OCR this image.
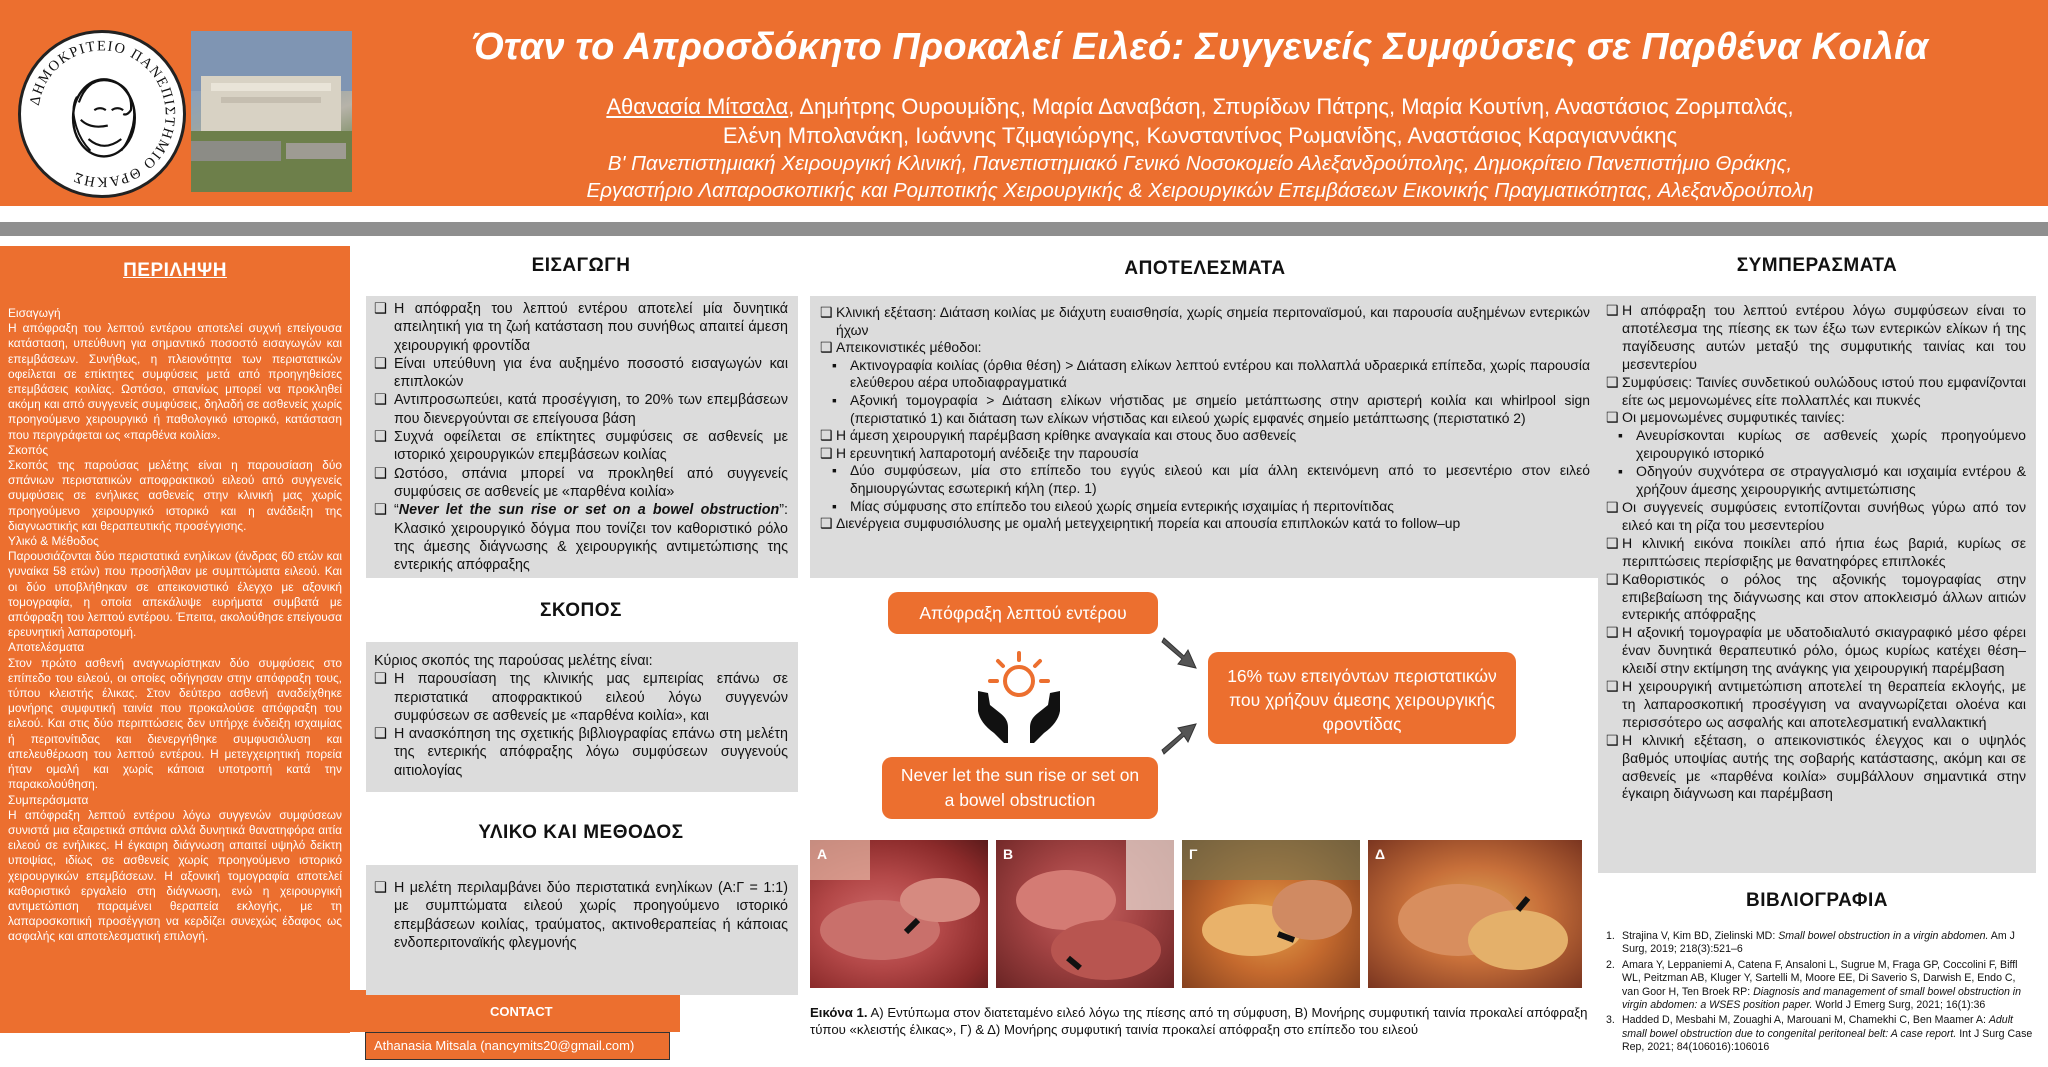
ΔΗΜΟΚΡΙΤΕΙΟ ΠΑΝΕΠΙΣΤΗΜΙΟ ΘΡΑΚΗΣ
Όταν το Απροσδόκητο Προκαλεί Ειλεό: Συγγενείς Συμφύσεις σε Παρθένα Κοιλία
Αθανασία Μίτσαλα, Δημήτρης Ουρουμίδης, Μαρία Δαναβάση, Σπυρίδων Πάτρης, Μαρία Κουτίνη, Αναστάσιος Ζορμπαλάς,
Ελένη Μπολανάκη, Ιωάννης Τζιμαγιώργης, Κωνσταντίνος Ρωμανίδης, Αναστάσιος Καραγιαννάκης
Β' Πανεπιστημιακή Χειρουργική Κλινική, Πανεπιστημιακό Γενικό Νοσοκομείο Αλεξανδρούπολης, Δημοκρίτειο Πανεπιστήμιο Θράκης,
Εργαστήριο Λαπαροσκοπικής και Ρομποτικής Χειρουργικής & Χειρουργικών Επεμβάσεων Εικονικής Πραγματικότητας, Αλεξανδρούπολη
ΠΕΡΙΛΗΨΗ
Εισαγωγή
Η απόφραξη του λεπτού εντέρου αποτελεί συχνή επείγουσα κατάσταση, υπεύθυνη για σημαντικό ποσοστό εισαγωγών και επεμβάσεων. Συνήθως, η πλειονότητα των περιστατικών οφείλεται σε επίκτητες συμφύσεις μετά από προηγηθείσες επεμβάσεις κοιλίας. Ωστόσο, σπανίως μπορεί να προκληθεί ακόμη και από συγγενείς συμφύσεις, δηλαδή σε ασθενείς χωρίς προηγούμενο χειρουργικό ή παθολογικό ιστορικό, κατάσταση που περιγράφεται ως «παρθένα κοιλία».
Σκοπός
Σκοπός της παρούσας μελέτης είναι η παρουσίαση δύο σπάνιων περιστατικών αποφρακτικού ειλεού από συγγενείς συμφύσεις σε ενήλικες ασθενείς στην κλινική μας χωρίς προηγούμενο χειρουργικό ιστορικό και η ανάδειξη της διαγνωστικής και θεραπευτικής προσέγγισης.
Υλικό & Μέθοδος
Παρουσιάζονται δύο περιστατικά ενηλίκων (άνδρας 60 ετών και γυναίκα 58 ετών) που προσήλθαν με συμπτώματα ειλεού. Και οι δύο υποβλήθηκαν σε απεικονιστικό έλεγχο με αξονική τομογραφία, η οποία απεκάλυψε ευρήματα συμβατά με απόφραξη του λεπτού εντέρου. Έπειτα, ακολούθησε επείγουσα ερευνητική λαπαροτομή.
Αποτελέσματα
Στον πρώτο ασθενή αναγνωρίστηκαν δύο συμφύσεις στο επίπεδο του ειλεού, οι οποίες οδήγησαν στην απόφραξη τους, τύπου κλειστής έλικας. Στον δεύτερο ασθενή αναδείχθηκε μονήρης συμφυτική ταινία που προκαλούσε απόφραξη του ειλεού. Και στις δύο περιπτώσεις δεν υπήρχε ένδειξη ισχαιμίας ή περιτονίτιδας και διενεργήθηκε συμφυσιόλυση και απελευθέρωση του λεπτού εντέρου. Η μετεγχειρητική πορεία ήταν ομαλή και χωρίς κάποια υποτροπή κατά την παρακολούθηση.
Συμπεράσματα
Η απόφραξη λεπτού εντέρου λόγω συγγενών συμφύσεων συνιστά μια εξαιρετικά σπάνια αλλά δυνητικά θανατηφόρα αιτία ειλεού σε ενήλικες. Η έγκαιρη διάγνωση απαιτεί υψηλό δείκτη υποψίας, ιδίως σε ασθενείς χωρίς προηγούμενο ιστορικό χειρουργικών επεμβάσεων. Η αξονική τομογραφία αποτελεί καθοριστικό εργαλείο στη διάγνωση, ενώ η χειρουργική αντιμετώπιση παραμένει θεραπεία εκλογής, με τη λαπαροσκοπική προσέγγιση να κερδίζει συνεχώς έδαφος ως ασφαλής και αποτελεσματική επιλογή.
CONTACT
Athanasia Mitsala (nancymits20@gmail.com)
ΕΙΣΑΓΩΓΗ
❑ Η απόφραξη του λεπτού εντέρου αποτελεί μία δυνητικά απειλητική για τη ζωή κατάσταση που συνήθως απαιτεί άμεση χειρουργική φροντίδα
❑ Είναι υπεύθυνη για ένα αυξημένο ποσοστό εισαγωγών και επιπλοκών
❑ Αντιπροσωπεύει, κατά προσέγγιση, το 20% των επεμβάσεων που διενεργούνται σε επείγουσα βάση
❑ Συχνά οφείλεται σε επίκτητες συμφύσεις σε ασθενείς με ιστορικό χειρουργικών επεμβάσεων κοιλίας
❑ Ωστόσο, σπάνια μπορεί να προκληθεί από συγγενείς συμφύσεις σε ασθενείς με «παρθένα κοιλία»
❑ “Never let the sun rise or set on a bowel obstruction”: Κλασικό χειρουργικό δόγμα που τονίζει τον καθοριστικό ρόλο της άμεσης διάγνωσης & χειρουργικής αντιμετώπισης της εντερικής απόφραξης
ΣΚΟΠΟΣ
Κύριος σκοπός της παρούσας μελέτης είναι:
❑ Η παρουσίαση της κλινικής μας εμπειρίας επάνω σε περιστατικά αποφρακτικού ειλεού λόγω συγγενών συμφύσεων σε ασθενείς με «παρθένα κοιλία», και
❑ Η ανασκόπηση της σχετικής βιβλιογραφίας επάνω στη μελέτη της εντερικής απόφραξης λόγω συμφύσεων συγγενούς αιτιολογίας
ΥΛΙΚΟ ΚΑΙ ΜΕΘΟΔΟΣ
❑ Η μελέτη περιλαμβάνει δύο περιστατικά ενηλίκων (Α:Γ = 1:1) με συμπτώματα ειλεού χωρίς προηγούμενο ιστορικό επεμβάσεων κοιλίας, τραύματος, ακτινοθεραπείας ή κάποιας ενδοπεριτοναϊκής φλεγμονής
ΑΠΟΤΕΛΕΣΜΑΤΑ
❑ Κλινική εξέταση: Διάταση κοιλίας με διάχυτη ευαισθησία, χωρίς σημεία περιτοναϊσμού, και παρουσία αυξημένων εντερικών ήχων
❑ Απεικονιστικές μέθοδοι:
▪ Ακτινογραφία κοιλίας (όρθια θέση) > Διάταση ελίκων λεπτού εντέρου και πολλαπλά υδραερικά επίπεδα, χωρίς παρουσία ελεύθερου αέρα υποδιαφραγματικά
▪ Αξονική τομογραφία > Διάταση ελίκων νήστιδας με σημείο μετάπτωσης στην αριστερή κοιλία και whirlpool sign (περιστατικό 1) και διάταση των ελίκων νήστιδας και ειλεού χωρίς εμφανές σημείο μετάπτωσης (περιστατικό 2)
❑ Η άμεση χειρουργική παρέμβαση κρίθηκε αναγκαία και στους δυο ασθενείς
❑ Η ερευνητική λαπαροτομή ανέδειξε την παρουσία
▪ Δύο συμφύσεων, μία στο επίπεδο του εγγύς ειλεού και μία άλλη εκτεινόμενη από το μεσεντέριο στον ειλεό δημιουργώντας εσωτερική κήλη (περ. 1)
▪ Μίας σύμφυσης στο επίπεδο του ειλεού χωρίς σημεία εντερικής ισχαιμίας ή περιτονίτιδας
❑ Διενέργεια συμφυσιόλυσης με ομαλή μετεγχειρητική πορεία και απουσία επιπλοκών κατά το follow–up
Απόφραξη λεπτού εντέρου
16% των επειγόντων περιστατικών που χρήζουν άμεσης χειρουργικής φροντίδας
Never let the sun rise or set on a bowel obstruction
Α	Β	Γ	Δ
Εικόνα 1. Α) Εντύπωμα στον διατεταμένο ειλεό λόγω της πίεσης από τη σύμφυση, Β) Μονήρης συμφυτική ταινία προκαλεί απόφραξη τύπου «κλειστής έλικας», Γ) & Δ) Μονήρης συμφυτική ταινία προκαλεί απόφραξη στο επίπεδο του ειλεού
ΣΥΜΠΕΡΑΣΜΑΤΑ
❑ Η απόφραξη του λεπτού εντέρου λόγω συμφύσεων είναι το αποτέλεσμα της πίεσης εκ των έξω των εντερικών ελίκων ή της παγίδευσης αυτών μεταξύ της συμφυτικής ταινίας και του μεσεντερίου
❑ Συμφύσεις: Ταινίες συνδετικού ουλώδους ιστού που εμφανίζονται είτε ως μεμονωμένες είτε πολλαπλές και πυκνές
❑ Οι μεμονωμένες συμφυτικές ταινίες:
▪ Ανευρίσκονται κυρίως σε ασθενείς χωρίς προηγούμενο χειρουργικό ιστορικό
▪ Οδηγούν συχνότερα σε στραγγαλισμό και ισχαιμία εντέρου & χρήζουν άμεσης χειρουργικής αντιμετώπισης
❑ Οι συγγενείς συμφύσεις εντοπίζονται συνήθως γύρω από τον ειλεό και τη ρίζα του μεσεντερίου
❑ Η κλινική εικόνα ποικίλει από ήπια έως βαριά, κυρίως σε περιπτώσεις περίσφιξης με θανατηφόρες επιπλοκές
❑ Καθοριστικός ο ρόλος της αξονικής τομογραφίας στην επιβεβαίωση της διάγνωσης και στον αποκλεισμό άλλων αιτιών εντερικής απόφραξης
❑ Η αξονική τομογραφία με υδατοδιαλυτό σκιαγραφικό μέσο φέρει έναν δυνητικά θεραπευτικό ρόλο, όμως κυρίως κατέχει θέση–κλειδί στην εκτίμηση της ανάγκης για χειρουργική παρέμβαση
❑ Η χειρουργική αντιμετώπιση αποτελεί τη θεραπεία εκλογής, με τη λαπαροσκοπική προσέγγιση να αναγνωρίζεται ολοένα και περισσότερο ως ασφαλής και αποτελεσματική εναλλακτική
❑ Η κλινική εξέταση, ο απεικονιστικός έλεγχος και ο υψηλός βαθμός υποψίας αυτής της σοβαρής κατάστασης, ακόμη και σε ασθενείς με «παρθένα κοιλία» συμβάλλουν σημαντικά στην έγκαιρη διάγνωση και παρέμβαση
ΒΙΒΛΙΟΓΡΑΦΙΑ
1. Strajina V, Kim BD, Zielinski MD: Small bowel obstruction in a virgin abdomen. Am J Surg, 2019; 218(3):521–6
2. Amara Y, Leppaniemi A, Catena F, Ansaloni L, Sugrue M, Fraga GP, Coccolini F, Biffl WL, Peitzman AB, Kluger Y, Sartelli M, Moore EE, Di Saverio S, Darwish E, Endo C, van Goor H, Ten Broek RP: Diagnosis and management of small bowel obstruction in virgin abdomen: a WSES position paper. World J Emerg Surg, 2021; 16(1):36
3. Hadded D, Mesbahi M, Zouaghi A, Marouani M, Chamekhi C, Ben Maamer A: Adult small bowel obstruction due to congenital peritoneal belt: A case report. Int J Surg Case Rep, 2021; 84(106016):106016
